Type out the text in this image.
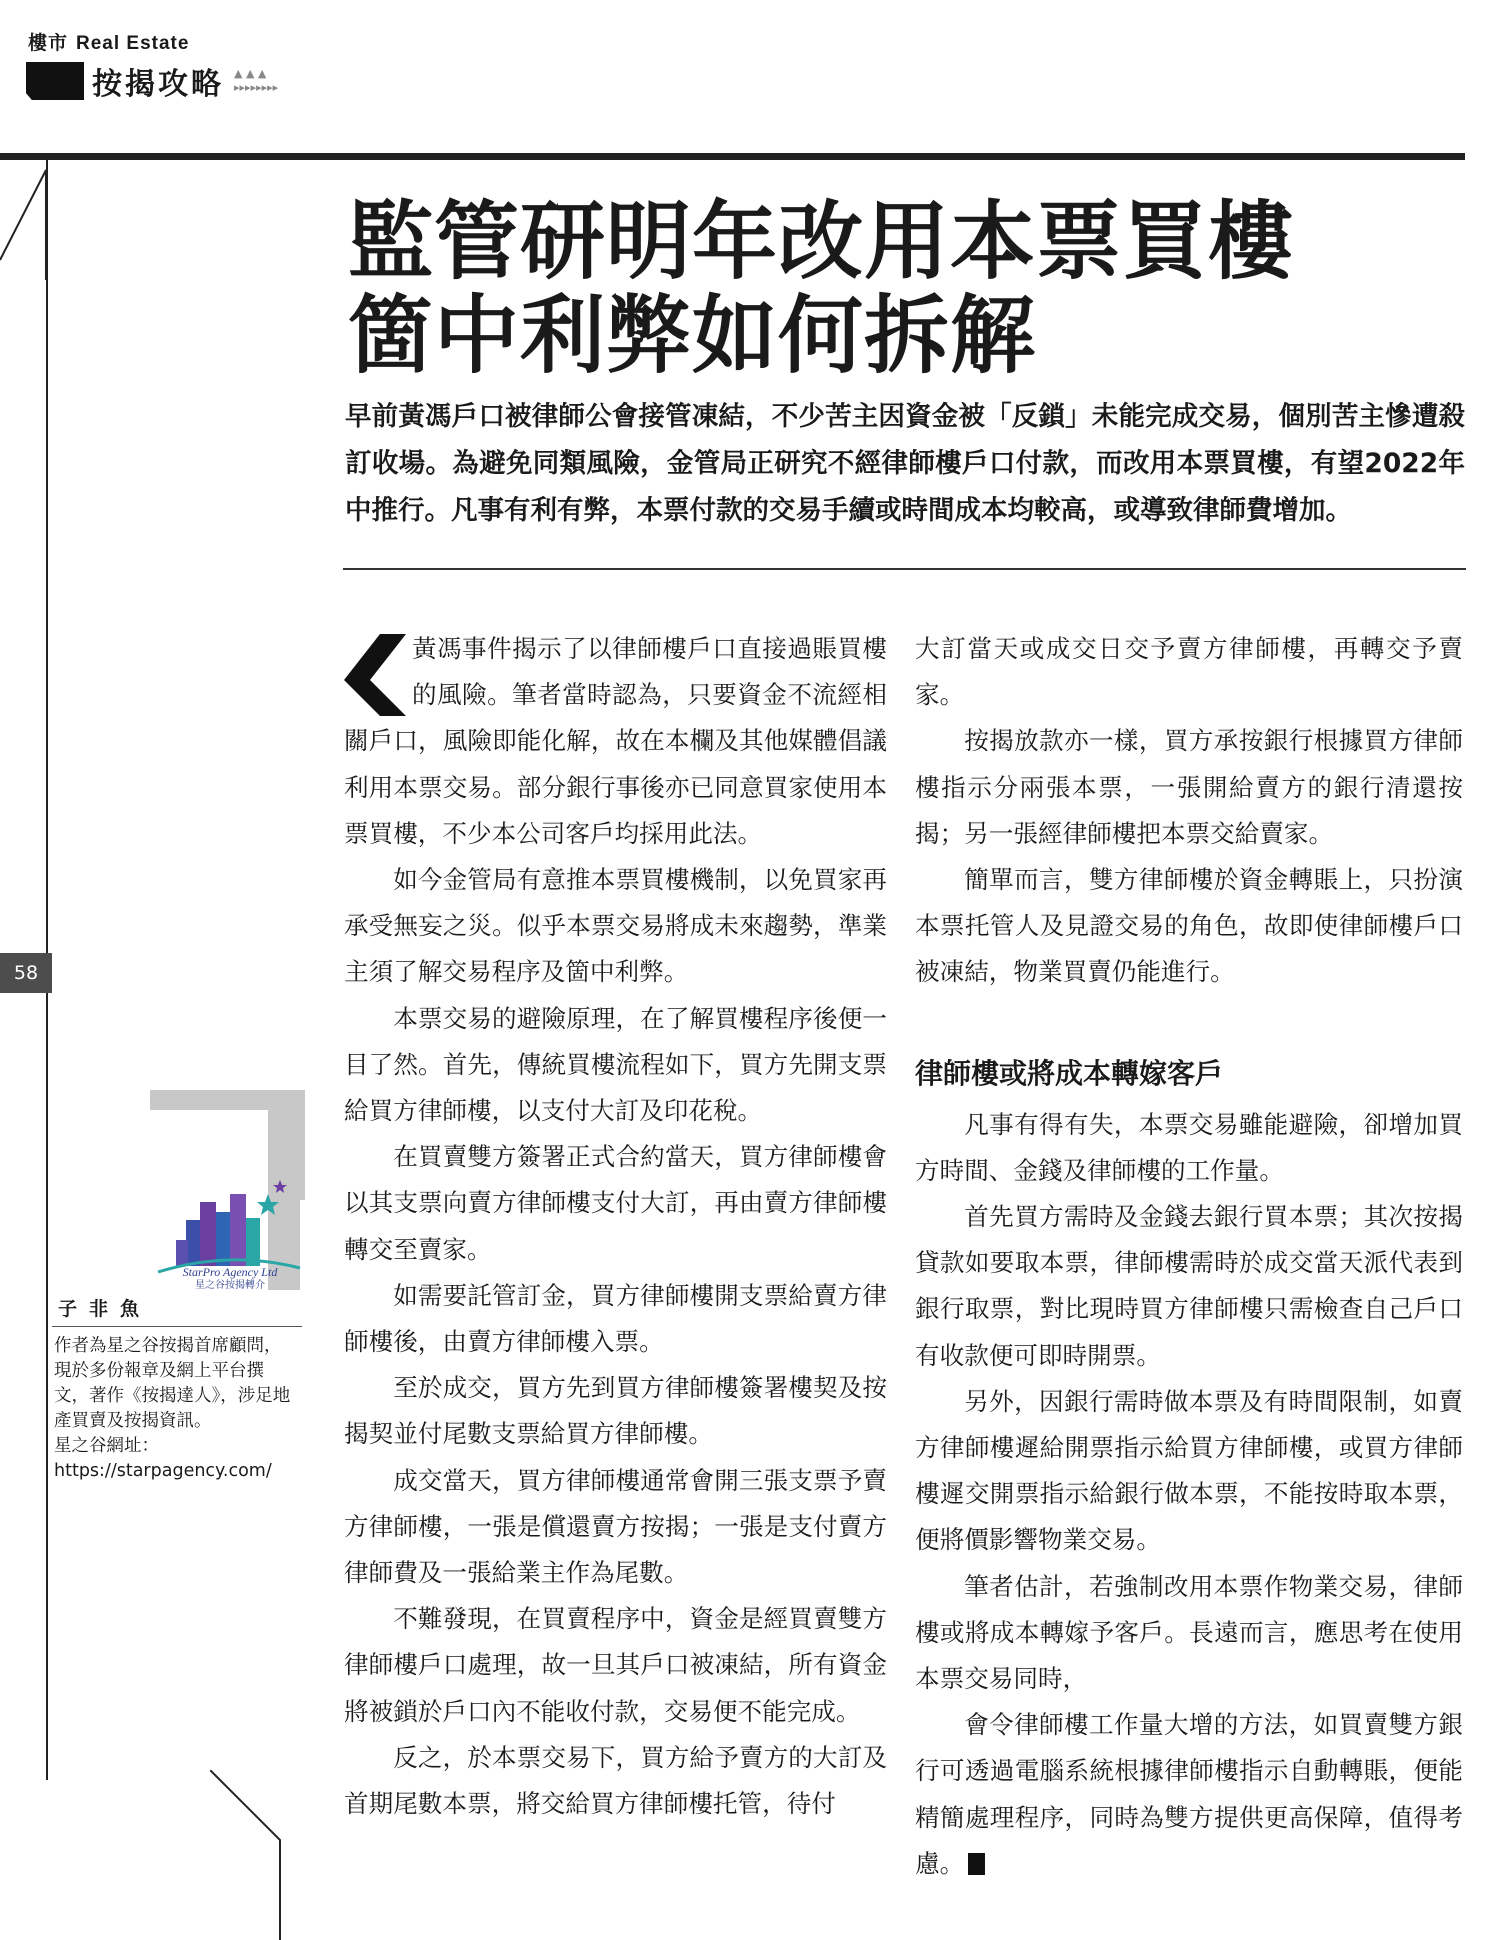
樓市 Real Estate
按揭攻略 ▲ ▲ ▲
▸▸▸▸▸▸▸▸
監管研明年改用本票買樓
箇中利弊如何拆解

早前黃馮戶口被律師公會接管凍結，不少苦主因資金被「反鎖」未能完成交易，個別苦主慘遭殺訂收場。為避免同類風險，金管局正研究不經律師樓戶口付款，而改用本票買樓，有望2022年中推行。凡事有利有弊，本票付款的交易手續或時間成本均較高，或導致律師費增加。

黃馮事件揭示了以律師樓戶口直接過賬買樓的風險。筆者當時認為，只要資金不流經相關戶口，風險即能化解，故在本欄及其他媒體倡議利用本票交易。部分銀行事後亦已同意買家使用本票買樓，不少本公司客戶均採用此法。

如今金管局有意推本票買樓機制，以免買家再承受無妄之災。似乎本票交易將成未來趨勢，準業主須了解交易程序及箇中利弊。

本票交易的避險原理，在了解買樓程序後便一目了然。首先，傳統買樓流程如下，買方先開支票給買方律師樓，以支付大訂及印花稅。

在買賣雙方簽署正式合約當天，買方律師樓會以其支票向賣方律師樓支付大訂，再由賣方律師樓轉交至賣家。

如需要託管訂金，買方律師樓開支票給賣方律師樓後，由賣方律師樓入票。

至於成交，買方先到買方律師樓簽署樓契及按揭契並付尾數支票給買方律師樓。

成交當天，買方律師樓通常會開三張支票予賣方律師樓，一張是償還賣方按揭；一張是支付賣方律師費及一張給業主作為尾數。

不難發現，在買賣程序中，資金是經買賣雙方律師樓戶口處理，故一旦其戶口被凍結，所有資金將被鎖於戶口內不能收付款，交易便不能完成。

反之，於本票交易下，買方給予賣方的大訂及首期尾數本票，將交給買方律師樓托管，待付

大訂當天或成交日交予賣方律師樓，再轉交予賣家。

按揭放款亦一樣，買方承按銀行根據買方律師樓指示分兩張本票，一張開給賣方的銀行清還按揭；另一張經律師樓把本票交給賣家。

簡單而言，雙方律師樓於資金轉賬上，只扮演本票托管人及見證交易的角色，故即使律師樓戶口被凍結，物業買賣仍能進行。

律師樓或將成本轉嫁客戶

凡事有得有失，本票交易雖能避險，卻增加買方時間、金錢及律師樓的工作量。

首先買方需時及金錢去銀行買本票；其次按揭貸款如要取本票，律師樓需時於成交當天派代表到銀行取票，對比現時買方律師樓只需檢查自己戶口有收款便可即時開票。

另外，因銀行需時做本票及有時間限制，如賣方律師樓遲給開票指示給買方律師樓，或買方律師樓遲交開票指示給銀行做本票，不能按時取本票，便將價影響物業交易。

筆者估計，若強制改用本票作物業交易，律師樓或將成本轉嫁予客戶。長遠而言，應思考在使用本票交易同時，

會令律師樓工作量大增的方法，如買賣雙方銀行可透過電腦系統根據律師樓指示自動轉賬，便能精簡處理程序，同時為雙方提供更高保障，值得考慮。

58
StarPro Agency Ltd
星之谷按揭轉介
子非魚

作者為星之谷按揭首席顧問，現於多份報章及網上平台撰文，著作《按揭達人》，涉足地產買賣及按揭資訊。

星之谷網址：

https://starpagency.com/
